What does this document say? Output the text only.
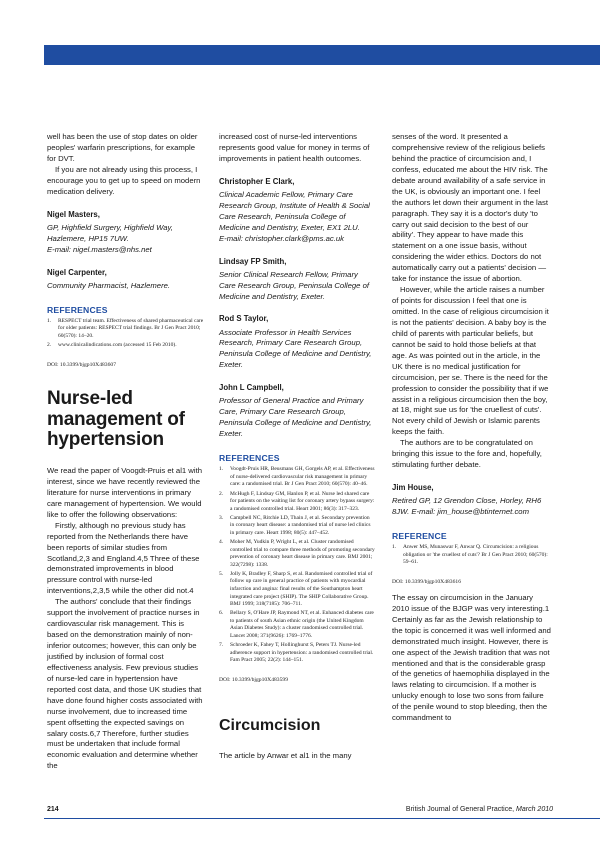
well has been the use of stop dates on older peoples' warfarin prescriptions, for example for DVT.

If you are not already using this process, I encourage you to get up to speed on modern medication delivery.

Nigel Masters,
GP, Highfield Surgery, Highfield Way, Hazlemere, HP15 7UW.
E-mail: nigel.masters@nhs.net
Nigel Carpenter,
Community Pharmacist, Hazlemere.
REFERENCES
1. RESPECT trial team. Effectiveness of shared pharmaceutical care for older patients: RESPECT trial findings. Br J Gen Pract 2010; 60(570): 14–20.
2. www.clinicalindications.com (accessed 15 Feb 2010).
DOI: 10.3399/bjgp10X483607
Nurse-led management of hypertension

We read the paper of Voogdt-Pruis et al1 with interest, since we have recently reviewed the literature for nurse interventions in primary care management of hypertension. We would like to offer the following observations:

Firstly, although no previous study has reported from the Netherlands there have been reports of similar studies from Scotland,2,3 and England.4,5 Three of these demonstrated improvements in blood pressure control with nurse-led interventions,2,3,5 while the other did not.4

The authors' conclude that their findings support the involvement of practice nurses in cardiovascular risk management. This is based on the demonstration mainly of non-inferior outcomes; however, this can only be justified by inclusion of formal cost effectiveness analysis. Few previous studies of nurse-led care in hypertension have reported cost data, and those UK studies that have done found higher costs associated with nurse involvement, due to increased time spent offsetting the expected savings on salary costs.6,7 Therefore, further studies must be undertaken that include formal economic evaluation and determine whether the

increased cost of nurse-led interventions represents good value for money in terms of improvements in patient health outcomes.

Christopher E Clark,
Clinical Academic Fellow, Primary Care Research Group, Institute of Health & Social Care Research, Peninsula College of Medicine and Dentistry, Exeter, EX1 2LU.
E-mail: christopher.clark@pms.ac.uk
Lindsay FP Smith,
Senior Clinical Research Fellow, Primary Care Research Group, Peninsula College of Medicine and Dentistry, Exeter.
Rod S Taylor,
Associate Professor in Health Services Research, Primary Care Research Group, Peninsula College of Medicine and Dentistry, Exeter.
John L Campbell,
Professor of General Practice and Primary Care, Primary Care Research Group, Peninsula College of Medicine and Dentistry, Exeter.
REFERENCES
1. Voogdt-Pruis HR, Beusmans GH, Gorgels AP, et al. Effectiveness of nurse-delivered cardiovascular risk management in primary care: a randomised trial. Br J Gen Pract 2010; 60(570): 40–46.
2. McHugh F, Lindsay GM, Hanlon P, et al. Nurse led shared care for patients on the waiting list for coronary artery bypass surgery: a randomised controlled trial. Heart 2001; 86(3): 317–323.
3. Campbell NC, Ritchie LD, Thain J, et al. Secondary prevention in coronary heart disease: a randomised trial of nurse led clinics in primary care. Heart 1998; 80(5): 447–452.
4. Moher M, Yudkin P, Wright L, et al. Cluster randomised controlled trial to compare three methods of promoting secondary prevention of coronary heart disease in primary care. BMJ 2001; 322(7298): 1338.
5. Jolly K, Bradley F, Sharp S, et al. Randomised controlled trial of follow up care in general practice of patients with myocardial infarction and angina: final results of the Southampton heart integrated care project (SHIP). The SHIP Collaborative Group. BMJ 1999; 318(7185): 706–711.
6. Bellary S, O'Hare JP, Raymond NT, et al. Enhanced diabetes care to patients of south Asian ethnic origin (the United Kingdom Asian Diabetes Study): a cluster randomised controlled trial. Lancet 2008; 371(9626): 1769–1776.
7. Schroeder K, Fahey T, Hollinghurst S, Peters TJ. Nurse-led adherence support in hypertension: a randomised controlled trial. Fam Pract 2005; 22(2): 144–151.
DOI: 10.3399/bjgp10X483599
Circumcision

The article by Anwar et al1 in the many

senses of the word. It presented a comprehensive review of the religious beliefs behind the practice of circumcision and, I confess, educated me about the HIV risk. The debate around availability of a safe service in the UK, is obviously an important one. I feel the authors let down their argument in the last paragraph. They say it is a doctor's duty 'to carry out said decision to the best of our ability'. They appear to have made this statement on a one issue basis, without considering the wider ethics. Doctors do not automatically carry out a patients' decision — take for instance the issue of abortion.

However, while the article raises a number of points for discussion I feel that one is omitted. In the case of religious circumcision it is not the patients' decision. A baby boy is the child of parents with particular beliefs, but cannot be said to hold those beliefs at that age. As was pointed out in the article, in the UK there is no medical justification for circumcision, per se. There is the need for the profession to consider the possibility that if we assist in a religious circumcision then the boy, at 18, might sue us for 'the cruellest of cuts'. Not every child of Jewish or Islamic parents keeps the faith.

The authors are to be congratulated on bringing this issue to the fore and, hopefully, stimulating further debate.

Jim House,
Retired GP, 12 Grendon Close, Horley, RH6 8JW. E-mail: jim_house@btinternet.com
REFERENCE
1. Anwer MS, Munaswar F, Anwar Q. Circumcision: a religious obligation or 'the cruellest of cuts'? Br J Gen Pract 2010; 60(570): 59–61.
DOI: 10.3399/bjgp10X483616

The essay on circumcision in the January 2010 issue of the BJGP was very interesting.1 Certainly as far as the Jewish relationship to the topic is concerned it was well informed and demonstrated much insight. However, there is one aspect of the Jewish tradition that was not mentioned and that is the considerable grasp of the genetics of haemophilia displayed in the laws relating to circumcision. If a mother is unlucky enough to lose two sons from failure of the penile wound to stop bleeding, then the commandment to

214	British Journal of General Practice, March 2010
